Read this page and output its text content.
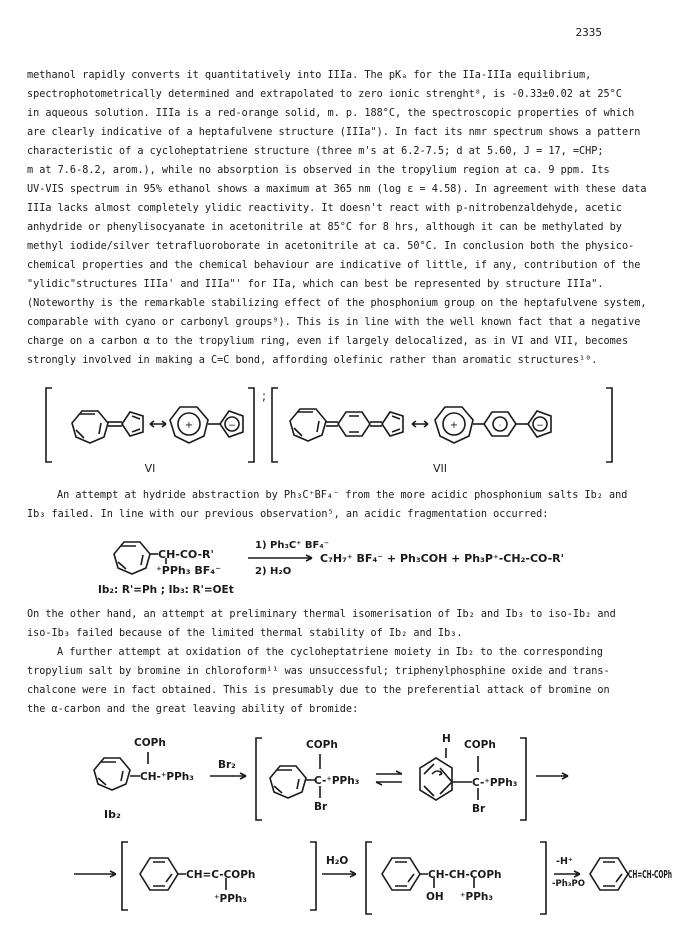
2335
methanol rapidly converts it quantitatively into IIIa. The pKₐ for the IIa-IIIa equilibrium,
spectrophotometrically determined and extrapolated to zero ionic strenght⁸, is -0.33±0.02 at 25°C
in aqueous solution. IIIa is a red-orange solid, m. p. 188°C, the spectroscopic properties of which
are clearly indicative of a heptafulvene structure (IIIa"). In fact its nmr spectrum shows a pattern
characteristic of a cycloheptatriene structure (three m's at 6.2-7.5; d at 5.60, J = 17, =CHP;
m at 7.6-8.2, arom.), while no absorption is observed in the tropylium region at ca. 9 ppm. Its
UV-VIS spectrum in 95% ethanol shows a maximum at 365 nm (log ε = 4.58). In agreement with these data
IIIa lacks almost completely ylidic reactivity. It doesn't react with p-nitrobenzaldehyde, acetic
anhydride or phenylisocyanate in acetonitrile at 85°C for 8 hrs, although it can be methylated by
methyl iodide/silver tetrafluoroborate in acetonitrile at ca. 50°C. In conclusion both the physico-
chemical properties and the chemical behaviour are indicative of little, if any, contribution of the
"ylidic"structures IIIa' and IIIa"' for IIa, which can best be represented by structure IIIa".
(Noteworthy is the remarkable stabilizing effect of the phosphonium group on the heptafulvene system,
comparable with cyano or carbonyl groups⁹). This is in line with the well known fact that a negative
charge on a carbon α to the tropylium ring, even if largely delocalized, as in VI and VII, becomes
strongly involved in making a C=C bond, affording olefinic rather than aromatic structures¹⁰.
+	−	+	−
·
;
VI	VII
An attempt at hydride abstraction by Ph₃C⁺BF₄⁻ from the more acidic phosphonium salts Ib₂ and
Ib₃ failed. In line with our previous observation⁵, an acidic fragmentation occurred:
CH-CO-R'
⁺PPh₃ BF₄⁻
1) Ph₃C⁺ BF₄⁻
2) H₂O
C₇H₇⁺ BF₄⁻ + Ph₃COH + Ph₃P⁺-CH₂-CO-R'
Ib₂: R'=Ph ; Ib₃: R'=OEt
On the other hand, an attempt at preliminary thermal isomerisation of Ib₂ and Ib₃ to iso-Ib₂ and
iso-Ib₃ failed because of the limited thermal stability of Ib₂ and Ib₃.
A further attempt at oxidation of the cycloheptatriene moiety in Ib₂ to the corresponding
tropylium salt by bromine in chloroform¹¹ was unsuccessful; triphenylphosphine oxide and trans-
chalcone were in fact obtained. This is presumably due to the preferential attack of bromine on
the α-carbon and the great leaving ability of bromide:
COPh
CH-⁺PPh₃
Ib₂
Br₂
COPh
C-⁺PPh₃
Br
H COPh
C-⁺PPh₃
Br
CH=C-COPh
⁺PPh₃
H₂O
CH-CH-COPh
OH ⁺PPh₃
-H⁺
-Ph₃PO
CH=CH-COPh
